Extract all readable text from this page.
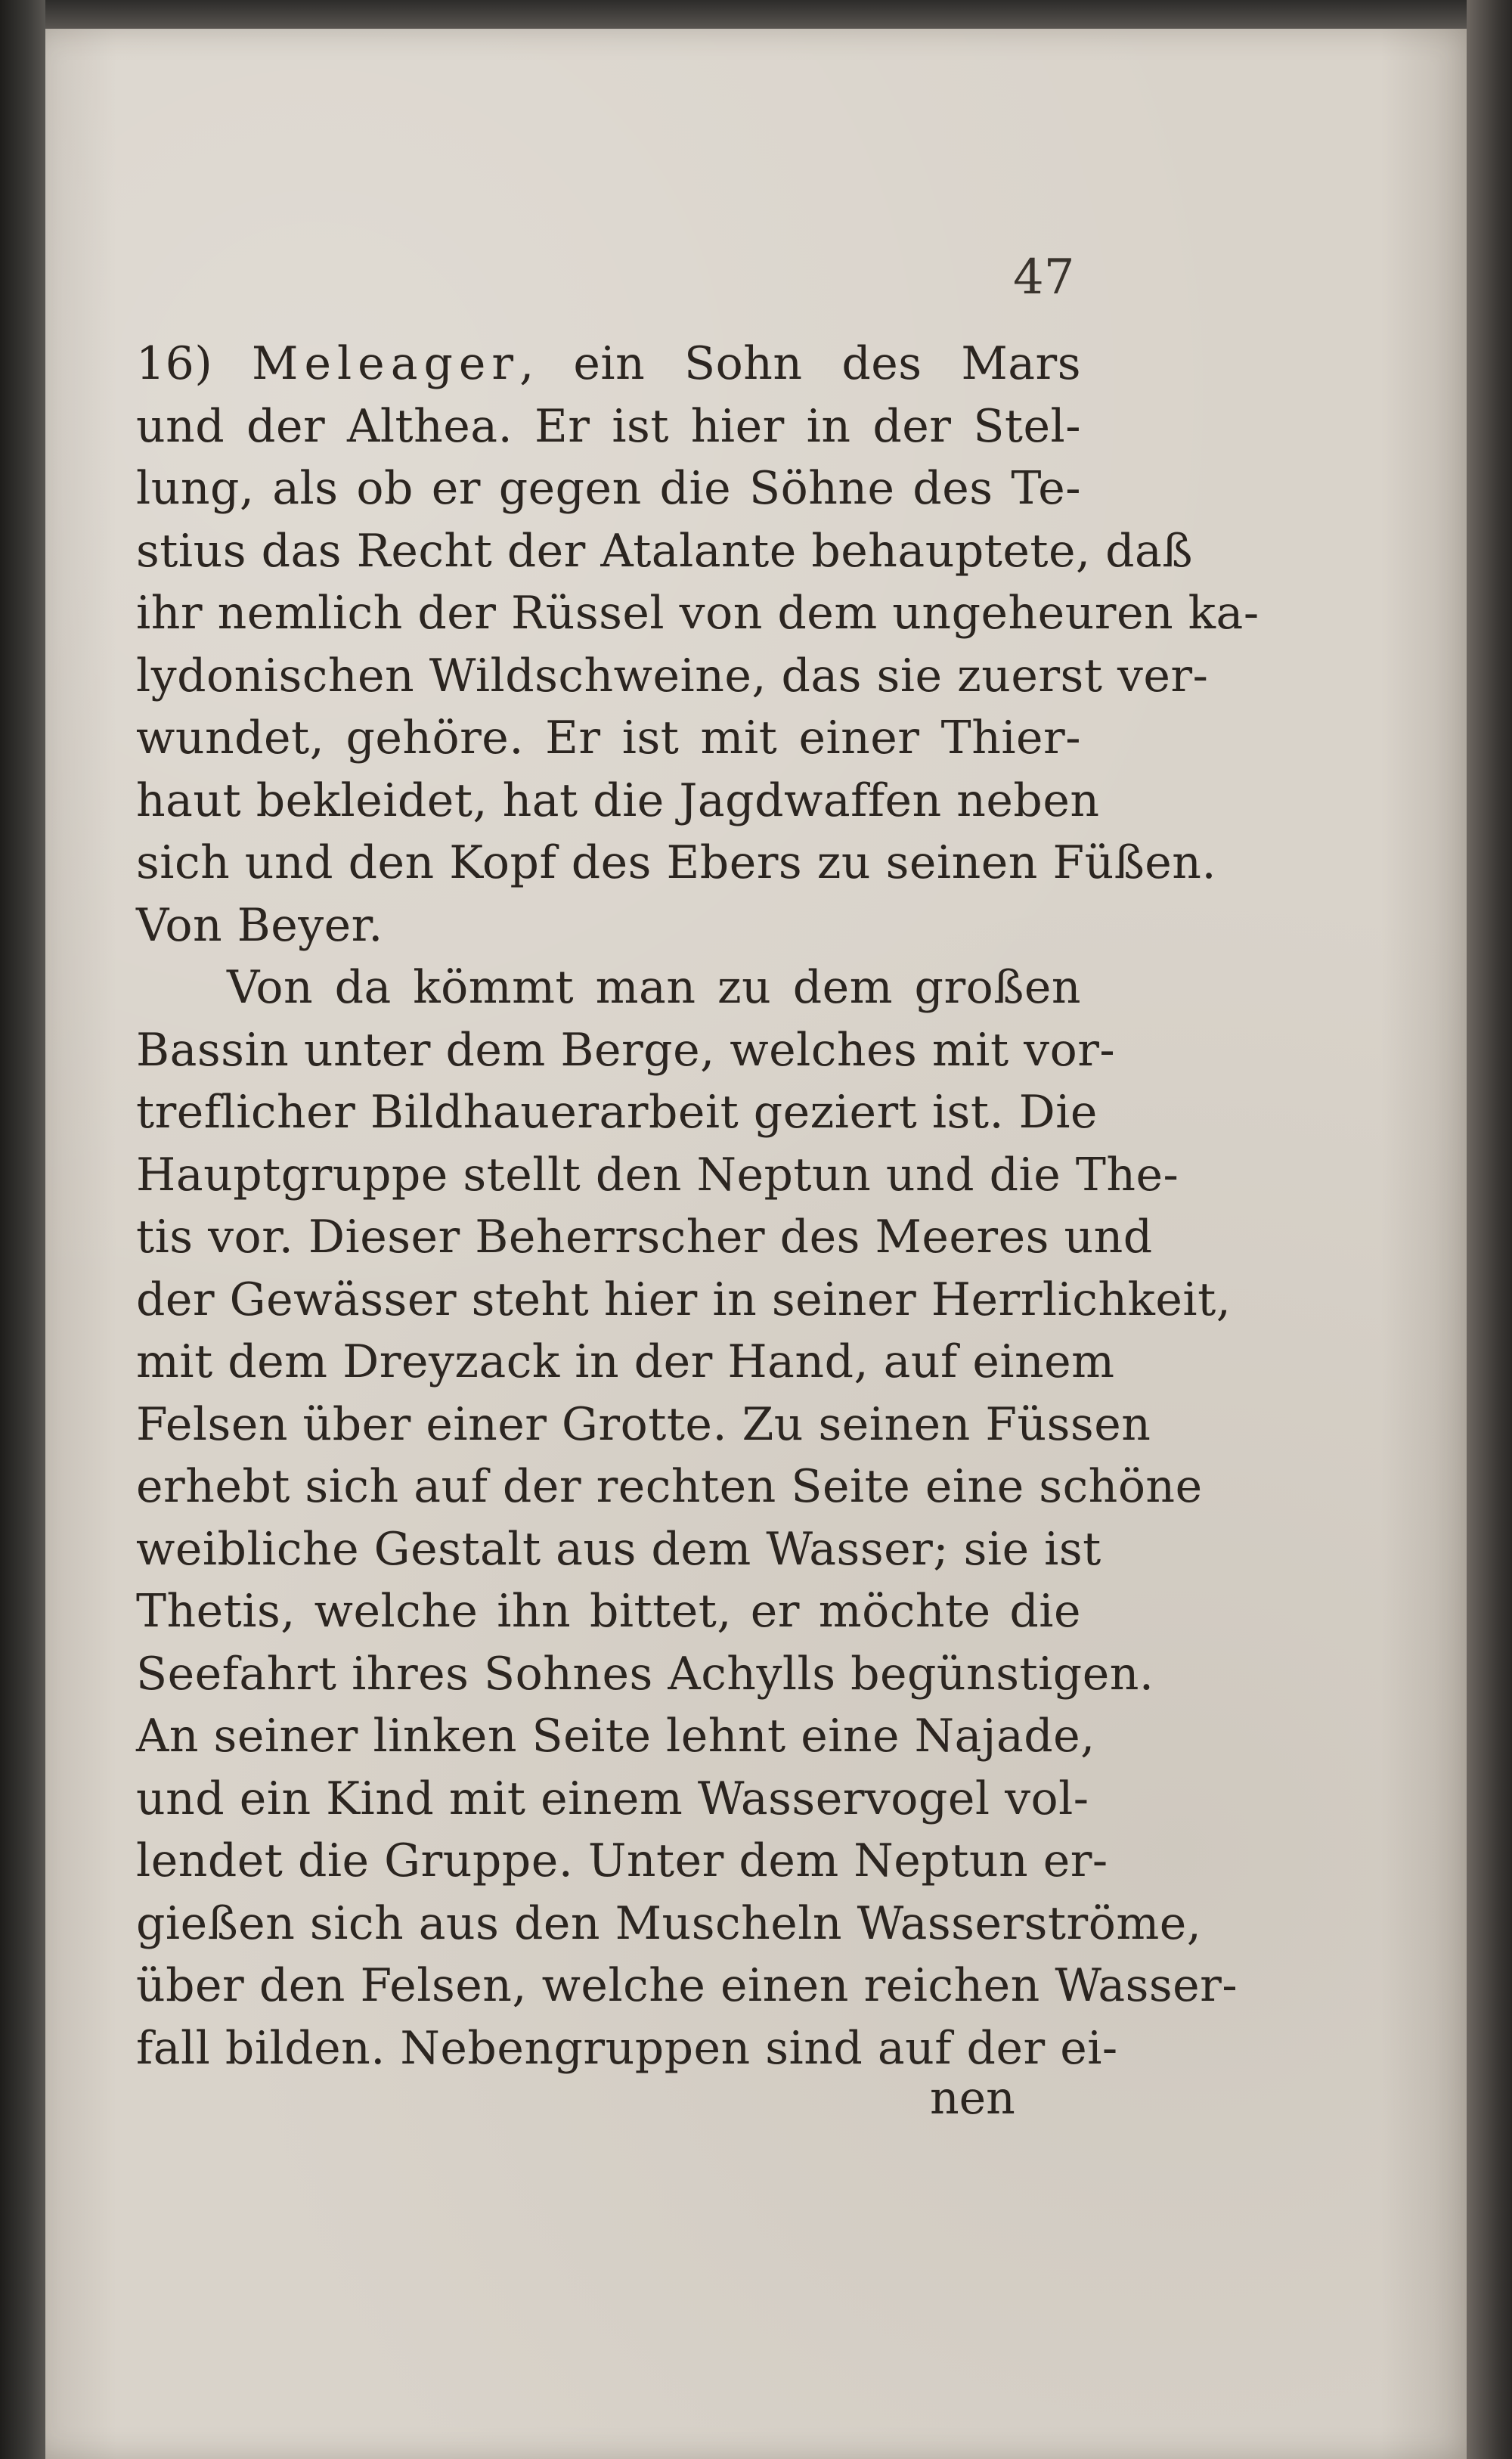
47
16) Meleager, ein Sohn des Mars
und der Althea. Er ist hier in der Stel-
lung, als ob er gegen die Söhne des Te-
stius das Recht der Atalante behauptete, daß
ihr nemlich der Rüssel von dem ungeheuren ka-
lydonischen Wildschweine, das sie zuerst ver-
wundet, gehöre. Er ist mit einer Thier-
haut bekleidet, hat die Jagdwaffen neben
sich und den Kopf des Ebers zu seinen Füßen.
Von Beyer.
Von da kömmt man zu dem großen
Bassin unter dem Berge, welches mit vor-
treflicher Bildhauerarbeit geziert ist. Die
Hauptgruppe stellt den Neptun und die The-
tis vor. Dieser Beherrscher des Meeres und
der Gewässer steht hier in seiner Herrlichkeit,
mit dem Dreyzack in der Hand, auf einem
Felsen über einer Grotte. Zu seinen Füssen
erhebt sich auf der rechten Seite eine schöne
weibliche Gestalt aus dem Wasser; sie ist
Thetis, welche ihn bittet, er möchte die
Seefahrt ihres Sohnes Achylls begünstigen.
An seiner linken Seite lehnt eine Najade,
und ein Kind mit einem Wasservogel vol-
lendet die Gruppe. Unter dem Neptun er-
gießen sich aus den Muscheln Wasserströme,
über den Felsen, welche einen reichen Wasser-
fall bilden. Nebengruppen sind auf der ei-
nen
